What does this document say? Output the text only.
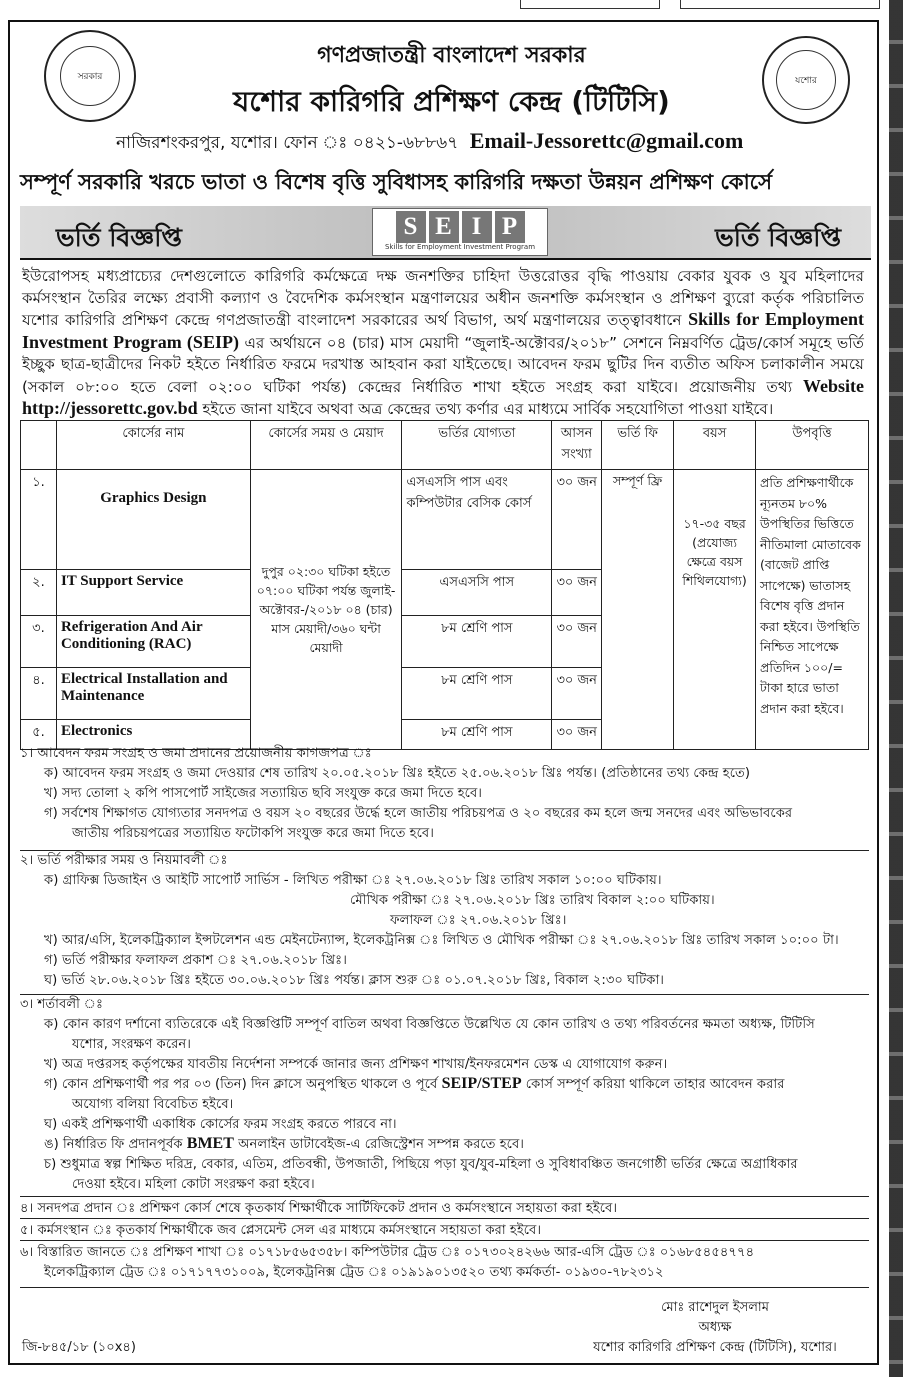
সরকার	যশোর
গণপ্রজাতন্ত্রী বাংলাদেশ সরকার
যশোর কারিগরি প্রশিক্ষণ কেন্দ্র (টিটিসি)
নাজিরশংকরপুর, যশোর। ফোন ঃ ০৪২১-৬৮৮৬৭ Email-Jessorettc@gmail.com
সম্পূর্ণ সরকারি খরচে ভাতা ও বিশেষ বৃত্তি সুবিধাসহ কারিগরি দক্ষতা উন্নয়ন প্রশিক্ষণ কোর্সে
ভর্তি বিজ্ঞপ্তি	S E I P
Skills for Employment Investment Program	ভর্তি বিজ্ঞপ্তি
ইউরোপসহ মধ্যপ্রাচ্যের দেশগুলোতে কারিগরি কর্মক্ষেত্রে দক্ষ জনশক্তির চাহিদা উত্তরোত্তর বৃদ্ধি পাওয়ায় বেকার যুবক ও যুব মহিলাদের কর্মসংস্থান তৈরির লক্ষ্যে প্রবাসী কল্যাণ ও বৈদেশিক কর্মসংস্থান মন্ত্রণালয়ের অধীন জনশক্তি কর্মসংস্থান ও প্রশিক্ষণ ব্যুরো কর্তৃক পরিচালিত যশোর কারিগরি প্রশিক্ষণ কেন্দ্রে গণপ্রজাতন্ত্রী বাংলাদেশ সরকারের অর্থ বিভাগ, অর্থ মন্ত্রণালয়ের তত্ত্বাবধানে Skills for Employment Investment Program (SEIP) এর অর্থায়নে ০৪ (চার) মাস মেয়াদী “জুলাই-অক্টোবর/২০১৮” সেশনে নিম্নবর্ণিত ট্রেড/কোর্স সমূহে ভর্তি ইচ্ছুক ছাত্র-ছাত্রীদের নিকট হইতে নির্ধারিত ফরমে দরখাস্ত আহবান করা যাইতেছে। আবেদন ফরম ছুটির দিন ব্যতীত অফিস চলাকালীন সময়ে (সকাল ০৮:০০ হতে বেলা ০২:০০ ঘটিকা পর্যন্ত) কেন্দ্রের নির্ধারিত শাখা হইতে সংগ্রহ করা যাইবে। প্রয়োজনীয় তথ্য Website http://jessorettc.gov.bd হইতে জানা যাইবে অথবা অত্র কেন্দ্রের তথ্য কর্ণার এর মাধ্যমে সার্বিক সহযোগিতা পাওয়া যাইবে।
	কোর্সের নাম	কোর্সের সময় ও মেয়াদ	ভর্তির যোগ্যতা	আসন সংখ্যা	ভর্তি ফি	বয়স	উপবৃত্তি
১.	Graphics Design	দুপুর ০২:৩০ ঘটিকা হইতে ০৭:০০ ঘটিকা পর্যন্ত জুলাই-অক্টোবর-/২০১৮ ০৪ (চার) মাস মেয়াদী/৩৬০ ঘন্টা মেয়াদী	এসএসসি পাস এবং কম্পিউটার বেসিক কোর্স	৩০ জন	সম্পূর্ণ ফ্রি	১৭-৩৫ বছর (প্রযোজ্য ক্ষেত্রে বয়স শিথিলযোগ্য)	প্রতি প্রশিক্ষণার্থীকে ন্যূনতম ৮০% উপস্থিতির ভিত্তিতে নীতিমালা মোতাবেক (বাজেট প্রাপ্তি সাপেক্ষে) ভাতাসহ বিশেষ বৃত্তি প্রদান করা হইবে। উপস্থিতি নিশ্চিত সাপেক্ষে প্রতিদিন ১০০/= টাকা হারে ভাতা প্রদান করা হইবে।
২.	IT Support Service		এসএসসি পাস	৩০ জন			
৩.	Refrigeration And Air Conditioning (RAC)		৮ম শ্রেণি পাস	৩০ জন			
৪.	Electrical Installation and Maintenance		৮ম শ্রেণি পাস	৩০ জন			
৫.	Electronics		৮ম শ্রেণি পাস	৩০ জন			

১। আবেদন ফরম সংগ্রহ ও জমা প্রদানের প্রয়োজনীয় কাগজপত্র ঃ

ক) আবেদন ফরম সংগ্রহ ও জমা দেওয়ার শেষ তারিখ ২০.০৫.২০১৮ খ্রিঃ হইতে ২৫.০৬.২০১৮ খ্রিঃ পর্যন্ত। (প্রতিষ্ঠানের তথ্য কেন্দ্র হতে)

খ) সদ্য তোলা ২ কপি পাসপোর্ট সাইজের সত্যায়িত ছবি সংযুক্ত করে জমা দিতে হবে।

গ) সর্বশেষ শিক্ষাগত যোগ্যতার সনদপত্র ও বয়স ২০ বছরের উর্দ্ধে হলে জাতীয় পরিচয়পত্র ও ২০ বছরের কম হলে জন্ম সনদের এবং অভিভাবকের

জাতীয় পরিচয়পত্রের সত্যায়িত ফটোকপি সংযুক্ত করে জমা দিতে হবে।

২। ভর্তি পরীক্ষার সময় ও নিয়মাবলী ঃ

ক) গ্রাফিক্স ডিজাইন ও আইটি সাপোর্ট সার্ভিস - লিখিত পরীক্ষা ঃ ২৭.০৬.২০১৮ খ্রিঃ তারিখ সকাল ১০:০০ ঘটিকায়।

মৌখিক পরীক্ষা ঃ ২৭.০৬.২০১৮ খ্রিঃ তারিখ বিকাল ২:০০ ঘটিকায়।

ফলাফল ঃ ২৭.০৬.২০১৮ খ্রিঃ।

খ) আর/এসি, ইলেকট্রিক্যাল ইন্সটলেশন এন্ড মেইনটেন্যান্স, ইলেকট্রনিক্স ঃ লিখিত ও মৌখিক পরীক্ষা ঃ ২৭.০৬.২০১৮ খ্রিঃ তারিখ সকাল ১০:০০ টা।

গ) ভর্তি পরীক্ষার ফলাফল প্রকাশ ঃ ২৭.০৬.২০১৮ খ্রিঃ।

ঘ) ভর্তি ২৮.০৬.২০১৮ খ্রিঃ হইতে ৩০.০৬.২০১৮ খ্রিঃ পর্যন্ত। ক্লাস শুরু ঃ ০১.০৭.২০১৮ খ্রিঃ, বিকাল ২:৩০ ঘটিকা।

৩। শর্তাবলী ঃ

ক) কোন কারণ দর্শানো ব্যতিরেকে এই বিজ্ঞপ্তিটি সম্পূর্ণ বাতিল অথবা বিজ্ঞপ্তিতে উল্লেখিত যে কোন তারিখ ও তথ্য পরিবর্তনের ক্ষমতা অধ্যক্ষ, টিটিসি

যশোর, সংরক্ষণ করেন।

খ) অত্র দপ্তরসহ কর্তৃপক্ষের যাবতীয় নির্দেশনা সম্পর্কে জানার জন্য প্রশিক্ষণ শাখায়/ইনফরমেশন ডেস্ক এ যোগাযোগ করুন।

গ) কোন প্রশিক্ষণার্থী পর পর ০৩ (তিন) দিন ক্লাসে অনুপস্থিত থাকলে ও পূর্বে SEIP/STEP কোর্স সম্পূর্ণ করিয়া থাকিলে তাহার আবেদন করার

অযোগ্য বলিয়া বিবেচিত হইবে।

ঘ) একই প্রশিক্ষণার্থী একাধিক কোর্সের ফরম সংগ্রহ করতে পারবে না।

ঙ) নির্ধারিত ফি প্রদানপূর্বক BMET অনলাইন ডাটাবেইজ-এ রেজিস্ট্রেশন সম্পন্ন করতে হবে।

চ) শুধুমাত্র স্বল্প শিক্ষিত দরিদ্র, বেকার, এতিম, প্রতিবন্ধী, উপজাতী, পিছিয়ে পড়া যুব/যুব-মহিলা ও সুবিধাবঞ্চিত জনগোষ্ঠী ভর্তির ক্ষেত্রে অগ্রাধিকার

দেওয়া হইবে। মহিলা কোটা সংরক্ষণ করা হইবে।

৪। সনদপত্র প্রদান ঃ প্রশিক্ষণ কোর্স শেষে কৃতকার্য শিক্ষার্থীকে সার্টিফিকেট প্রদান ও কর্মসংস্থানে সহায়তা করা হইবে।

৫। কর্মসংস্থান ঃ কৃতকার্য শিক্ষার্থীকে জব প্লেসমেন্ট সেল এর মাধ্যমে কর্মসংস্থানে সহায়তা করা হইবে।

৬। বিস্তারিত জানতে ঃ প্রশিক্ষণ শাখা ঃ ০১৭১৮৫৬৫৩৫৮। কম্পিউটার ট্রেড ঃ ০১৭৩০২৪২৬৬ আর-এসি ট্রেড ঃ ০১৬৮৫৪৫৪৭৭৪

ইলেকট্রিক্যাল ট্রেড ঃ ০১৭১৭৭৩১০০৯, ইলেকট্রনিক্স ট্রেড ঃ ০১৯১৯০১৩৫২০ তথ্য কর্মকর্তা- ০১৯৩০-৭৮২৩১২

মোঃ রাশেদুল ইসলাম

অধ্যক্ষ

যশোর কারিগরি প্রশিক্ষণ কেন্দ্র (টিটিসি), যশোর।

জি-৮৪৫/১৮ (১০x৪)
